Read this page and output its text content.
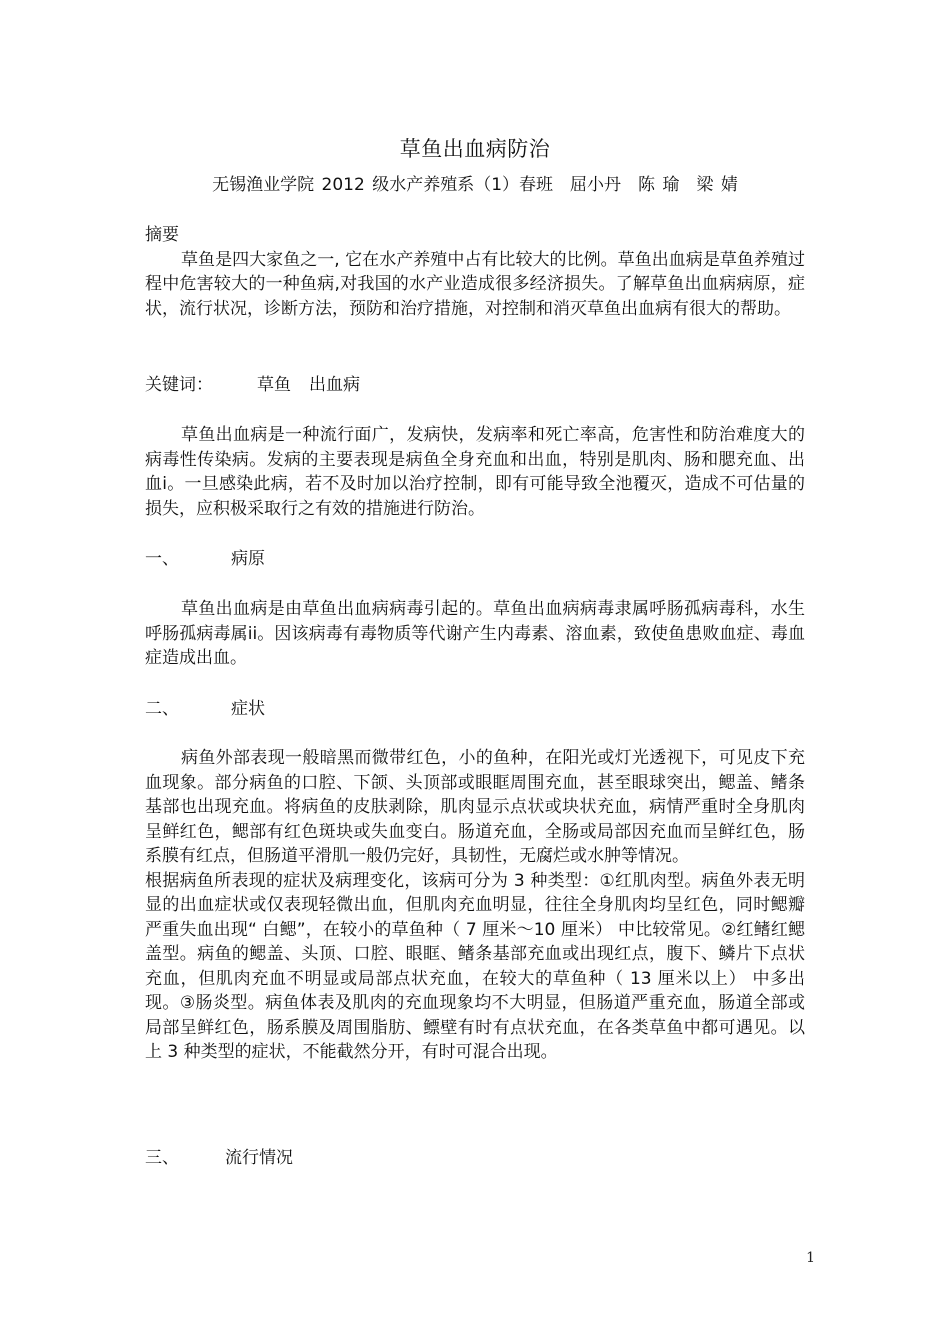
草鱼出血病防治
无锡渔业学院 2012 级水产养殖系（1）春班　屈小丹　陈 瑜　梁 婧

摘要

草鱼是四大家鱼之一, 它在水产养殖中占有比较大的比例。草鱼出血病是草鱼养殖过程中危害较大的一种鱼病,对我国的水产业造成很多经济损失。了解草鱼出血病病原，症状，流行状况，诊断方法，预防和治疗措施，对控制和消灭草鱼出血病有很大的帮助。

关键词：	草鱼 出血病

草鱼出血病是一种流行面广，发病快，发病率和死亡率高，危害性和防治难度大的病毒性传染病。发病的主要表现是病鱼全身充血和出血，特别是肌肉、肠和腮充血、出血i。一旦感染此病，若不及时加以治疗控制，即有可能导致全池覆灭，造成不可估量的损失，应积极采取行之有效的措施进行防治。

一、	病原

草鱼出血病是由草鱼出血病病毒引起的。草鱼出血病病毒隶属呼肠孤病毒科，水生呼肠孤病毒属ii。因该病毒有毒物质等代谢产生内毒素、溶血素，致使鱼患败血症、毒血症造成出血。

二、	症状

病鱼外部表现一般暗黑而微带红色，小的鱼种，在阳光或灯光透视下，可见皮下充血现象。部分病鱼的口腔、下颌、头顶部或眼眶周围充血，甚至眼球突出，鳃盖、鳍条基部也出现充血。将病鱼的皮肤剥除，肌肉显示点状或块状充血，病情严重时全身肌肉呈鲜红色，鳃部有红色斑块或失血变白。肠道充血，全肠或局部因充血而呈鲜红色，肠系膜有红点，但肠道平滑肌一般仍完好，具韧性，无腐烂或水肿等情况。

根据病鱼所表现的症状及病理变化，该病可分为 3 种类型：①红肌肉型。病鱼外表无明显的出血症状或仅表现轻微出血，但肌肉充血明显，往往全身肌肉均呈红色，同时鳃瓣严重失血出现“ 白鳃”，在较小的草鱼种（ 7 厘米～10 厘米） 中比较常见。②红鳍红鳃盖型。病鱼的鳃盖、头顶、口腔、眼眶、鳍条基部充血或出现红点，腹下、鳞片下点状充血，但肌肉充血不明显或局部点状充血，在较大的草鱼种（ 13 厘米以上） 中多出现。③肠炎型。病鱼体表及肌肉的充血现象均不大明显，但肠道严重充血，肠道全部或局部呈鲜红色，肠系膜及周围脂肪、鳔壁有时有点状充血，在各类草鱼中都可遇见。以上 3 种类型的症状，不能截然分开，有时可混合出现。

三、	流行情况
1
